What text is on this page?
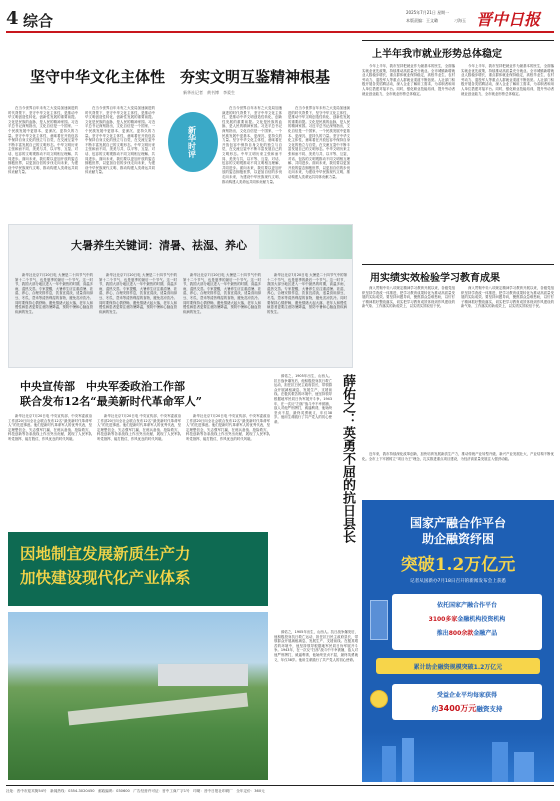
4 综合	2025年7月21日 星期一
本版责编：王文璐	刁海玉 晋中日报
坚守中华文化主体性　夯实文明互鉴精神根基
新华社记者　黄书博　李爱生
新华时评

在当今世界百年未有之大变局加速演进的时代背景下，坚守中华文化主体性，是推动中华文明创造性转化、创新性发展的重要前提。文化是民族的血脉，是人民的精神家园。习近平总书记深刻指出，文化自信是一个国家、一个民族发展中更基本、更深沉、更持久的力量。坚守中华文化主体性，意味着在开放包容中保持自身文化的独立与自觉，在交流互鉴中不断丰富发展自己的文明形态。中华文明历来主张和而不同、美美与共，以平等、互鉴、对话、包容的文明观推动不同文明相互理解、共同进步。面向未来，我们要以更加开放的姿态拥抱世界，以更加自信的步伐走向未来，为建设中华民族现代文明、推动构建人类命运共同体贡献力量。

在当今世界百年未有之大变局加速演进的时代背景下，坚守中华文化主体性，是推动中华文明创造性转化、创新性发展的重要前提。文化是民族的血脉，是人民的精神家园。习近平总书记深刻指出，文化自信是一个国家、一个民族发展中更基本、更深沉、更持久的力量。坚守中华文化主体性，意味着在开放包容中保持自身文化的独立与自觉，在交流互鉴中不断丰富发展自己的文明形态。中华文明历来主张和而不同、美美与共，以平等、互鉴、对话、包容的文明观推动不同文明相互理解、共同进步。面向未来，我们要以更加开放的姿态拥抱世界，以更加自信的步伐走向未来，为建设中华民族现代文明、推动构建人类命运共同体贡献力量。

在当今世界百年未有之大变局加速演进的时代背景下，坚守中华文化主体性，是推动中华文明创造性转化、创新性发展的重要前提。文化是民族的血脉，是人民的精神家园。习近平总书记深刻指出，文化自信是一个国家、一个民族发展中更基本、更深沉、更持久的力量。坚守中华文化主体性，意味着在开放包容中保持自身文化的独立与自觉，在交流互鉴中不断丰富发展自己的文明形态。中华文明历来主张和而不同、美美与共，以平等、互鉴、对话、包容的文明观推动不同文明相互理解、共同进步。面向未来，我们要以更加开放的姿态拥抱世界，以更加自信的步伐走向未来，为建设中华民族现代文明、推动构建人类命运共同体贡献力量。

在当今世界百年未有之大变局加速演进的时代背景下，坚守中华文化主体性，是推动中华文明创造性转化、创新性发展的重要前提。文化是民族的血脉，是人民的精神家园。习近平总书记深刻指出，文化自信是一个国家、一个民族发展中更基本、更深沉、更持久的力量。坚守中华文化主体性，意味着在开放包容中保持自身文化的独立与自觉，在交流互鉴中不断丰富发展自己的文明形态。中华文明历来主张和而不同、美美与共，以平等、互鉴、对话、包容的文明观推动不同文明相互理解、共同进步。面向未来，我们要以更加开放的姿态拥抱世界，以更加自信的步伐走向未来，为建设中华民族现代文明、推动构建人类命运共同体贡献力量。

大暑养生关键词：清暑、祛湿、养心

新华社北京7月20日电 大暑是二十四节气中的第十二个节气，也是夏季的最后一个节气。这一时节，我国大部分地区进入一年中最热的时期，高温多雨，湿热交蒸。专家提醒，大暑养生应注重清暑、祛湿、养心，合理安排作息，饮食宜清淡，适量食用绿豆、冬瓜、薏米等清热利湿的食物，避免贪凉饮冷。同时要保持心情舒畅，避免情绪大起大落，老年人和慢性病患者更要注意防暑降温，预防中暑和心脑血管疾病的发生。

新华社北京7月20日电 大暑是二十四节气中的第十二个节气，也是夏季的最后一个节气。这一时节，我国大部分地区进入一年中最热的时期，高温多雨，湿热交蒸。专家提醒，大暑养生应注重清暑、祛湿、养心，合理安排作息，饮食宜清淡，适量食用绿豆、冬瓜、薏米等清热利湿的食物，避免贪凉饮冷。同时要保持心情舒畅，避免情绪大起大落，老年人和慢性病患者更要注意防暑降温，预防中暑和心脑血管疾病的发生。

新华社北京7月20日电 大暑是二十四节气中的第十二个节气，也是夏季的最后一个节气。这一时节，我国大部分地区进入一年中最热的时期，高温多雨，湿热交蒸。专家提醒，大暑养生应注重清暑、祛湿、养心，合理安排作息，饮食宜清淡，适量食用绿豆、冬瓜、薏米等清热利湿的食物，避免贪凉饮冷。同时要保持心情舒畅，避免情绪大起大落，老年人和慢性病患者更要注意防暑降温，预防中暑和心脑血管疾病的发生。

新华社北京7月20日电 大暑是二十四节气中的第十二个节气，也是夏季的最后一个节气。这一时节，我国大部分地区进入一年中最热的时期，高温多雨，湿热交蒸。专家提醒，大暑养生应注重清暑、祛湿、养心，合理安排作息，饮食宜清淡，适量食用绿豆、冬瓜、薏米等清热利湿的食物，避免贪凉饮冷。同时要保持心情舒畅，避免情绪大起大落，老年人和慢性病患者更要注意防暑降温，预防中暑和心脑血管疾病的发生。

上半年我市就业形势总体稳定

今年上半年，我市坚持把就业作为最基本的民生，全面落实就业优先政策，持续推动高质量充分就业。全市城镇新增就业人数稳步增长，重点群体就业保持稳定，高校毕业生、农村劳动力、退役军人等重点人群就业渠道不断拓宽。人社部门积极开展各类招聘活动，深入企业了解用工需求，为求职者和用人单位搭建对接平台。同时，强化职业技能培训，提升劳动者就业创业能力，全市就业形势总体稳定。

今年上半年，我市坚持把就业作为最基本的民生，全面落实就业优先政策，持续推动高质量充分就业。全市城镇新增就业人数稳步增长，重点群体就业保持稳定，高校毕业生、农村劳动力、退役军人等重点人群就业渠道不断拓宽。人社部门积极开展各类招聘活动，深入企业了解用工需求，为求职者和用人单位搭建对接平台。同时，强化职业技能培训，提升劳动者就业创业能力，全市就业形势总体稳定。

用实绩实效检验学习教育成果

深入贯彻中央八项规定精神学习教育开展以来，各级党组织坚持学查改一体推进，把学习教育成果转化为推动高质量发展的实际成效。要坚持问题导向，聚焦群众急难愁盼，以钉钉子精神抓好整改落实，切实把学习教育成效体现到作风建设的新气象、工作落实的新成效上，以实绩实效取信于民。

深入贯彻中央八项规定精神学习教育开展以来，各级党组织坚持学查改一体推进，把学习教育成果转化为推动高质量发展的实际成效。要坚持问题导向，聚焦群众急难愁盼，以钉钉子精神抓好整改落实，切实把学习教育成效体现到作风建设的新气象、工作落实的新成效上，以实绩实效取信于民。

中央宣传部　中央军委政治工作部
联合发布12名“最美新时代革命军人”

新华社北京7月20日电 中央宣传部、中央军委政治工作部20日向全社会联合发布12名“最美新时代革命军人”的先进事迹。他们是新时代革命军人的优秀代表，坚定理想信念，矢志强军打赢，在练兵备战、抢险救灾、科技创新等各条战线上作出突出贡献，展现了人民军队听党指挥、能打胜仗、作风优良的时代风貌。

新华社北京7月20日电 中央宣传部、中央军委政治工作部20日向全社会联合发布12名“最美新时代革命军人”的先进事迹。他们是新时代革命军人的优秀代表，坚定理想信念，矢志强军打赢，在练兵备战、抢险救灾、科技创新等各条战线上作出突出贡献，展现了人民军队听党指挥、能打胜仗、作风优良的时代风貌。

新华社北京7月20日电 中央宣传部、中央军委政治工作部20日向全社会联合发布12名“最美新时代革命军人”的先进事迹。他们是新时代革命军人的优秀代表，坚定理想信念，矢志强军打赢，在练兵备战、抢险救灾、科技创新等各条战线上作出突出贡献，展现了人民军队听党指挥、能打胜仗、作风优良的时代风貌。

因地制宜发展新质生产力
加快建设现代化产业体系

薛佑之，1905年出生，山西人。抗日战争爆发后，他积极投身抗日救亡运动，担任抗日民主政府县长，带领群众开展减租减息、发展生产、支援前线。在极其艰苦的环境中，他坚持领导根据地军民同日伪军展开斗争。1943年，在一次反“扫荡”战斗中不幸被捕，敌人对他严刑拷打，威逼利诱，他始终坚贞不屈，最终英勇就义，年仅38岁。他用生命践行了共产党人的初心使命。	薛佑之：英勇不屈的抗日县长

薛佑之，1905年出生，山西人。抗日战争爆发后，他积极投身抗日救亡运动，担任抗日民主政府县长，带领群众开展减租减息、发展生产、支援前线。在极其艰苦的环境中，他坚持领导根据地军民同日伪军展开斗争。1943年，在一次反“扫荡”战斗中不幸被捕，敌人对他严刑拷打，威逼利诱，他始终坚贞不屈，最终英勇就义，年仅38岁。他用生命践行了共产党人的初心使命。

近年来，我市持续深化改革创新，加快培育发展新质生产力，推动传统产业转型升级、新兴产业发展壮大，产业结构不断优化。全市上下牢固树立“项目为王”理念，扎实推进重点项目建设，为经济高质量发展注入强劲动能。

国家产融合作平台
助企融资纾困
突破1.2万亿元
记者从国新办7月18日召开的新闻发布会上获悉
依托国家产融合作平台
3100多家金融机构投资机构
推出800余款金融产品
累计助企融资规模突破1.2万亿元
受益企业平均每家获得
约3400万元融资支持
社址：晋中市迎宾街54号　新闻热线：0354-3020450　邮政编码：030600　广告经营许可证：晋中工商广字1号　印刷：晋中日报社印刷厂　全年定价：360元
